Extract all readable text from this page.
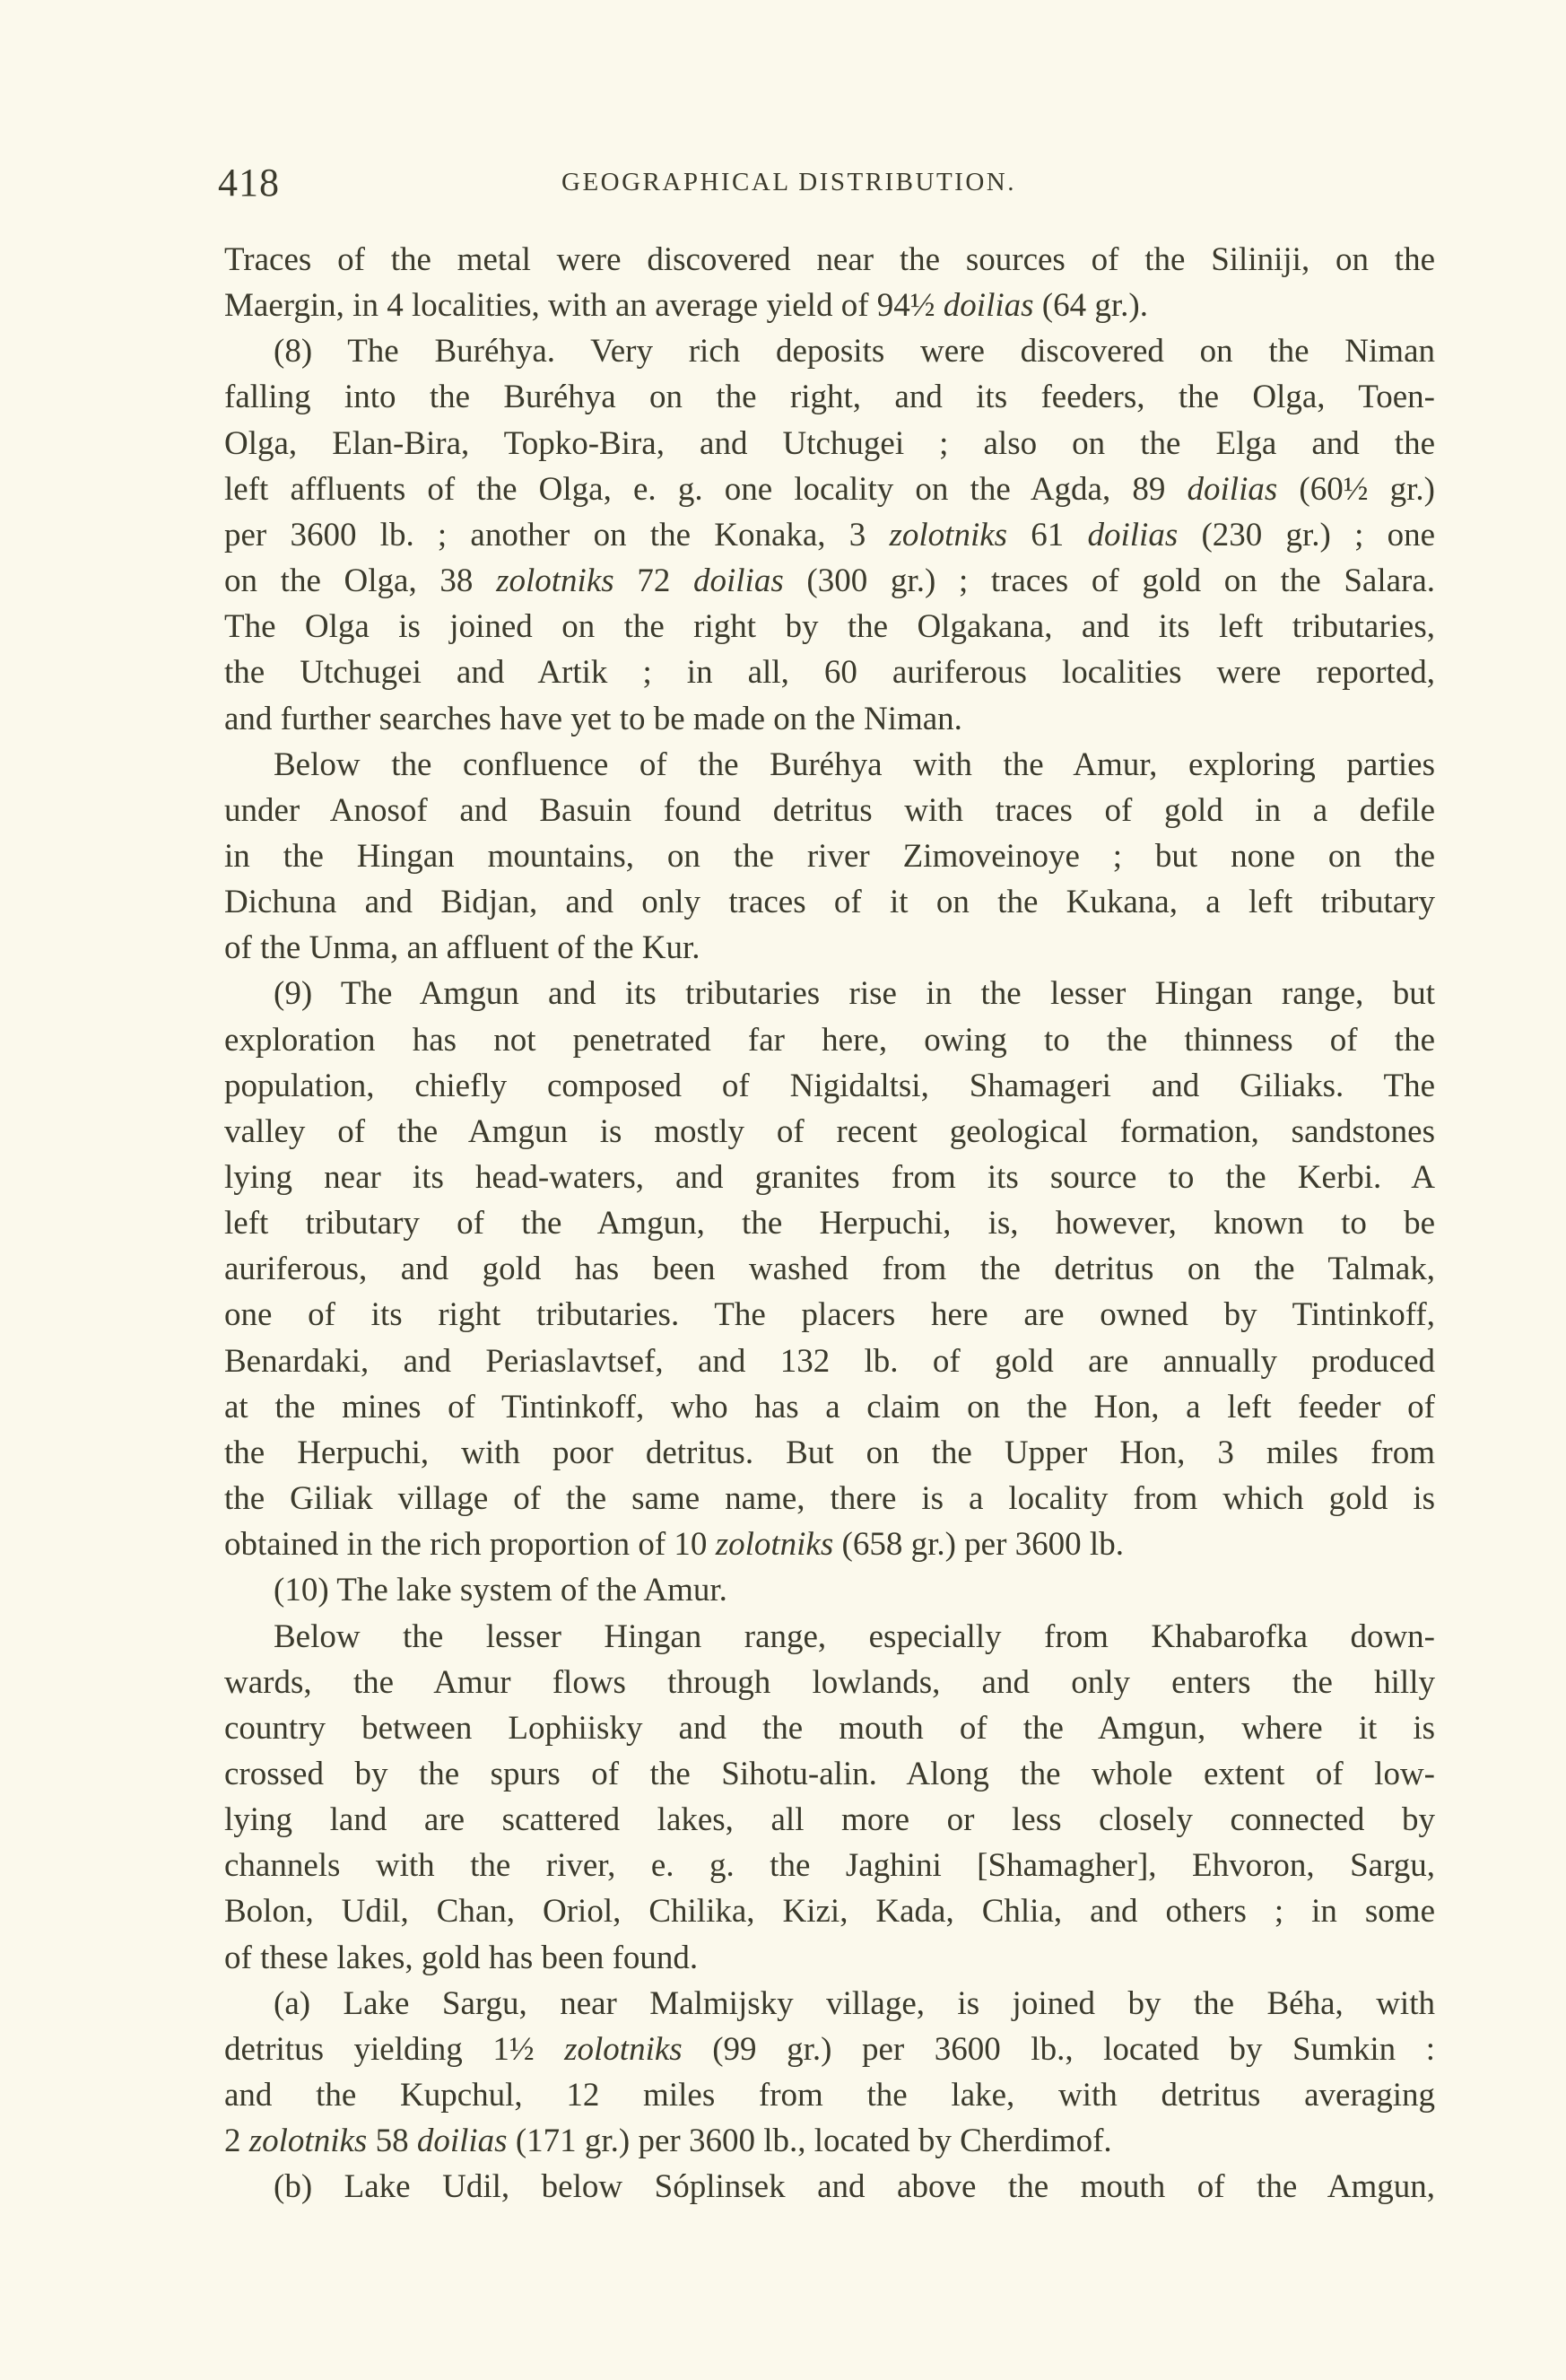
418	GEOGRAPHICAL DISTRIBUTION.
Traces of the metal were discovered near the sources of the Siliniji, on the
Maergin, in 4 localities, with an average yield of 94½ doilias (64 gr.).
(8) The Buréhya. Very rich deposits were discovered on the Niman
falling into the Buréhya on the right, and its feeders, the Olga, Toen-
Olga, Elan-Bira, Topko-Bira, and Utchugei ; also on the Elga and the
left affluents of the Olga, e. g. one locality on the Agda, 89 doilias (60½ gr.)
per 3600 lb. ; another on the Konaka, 3 zolotniks 61 doilias (230 gr.) ; one
on the Olga, 38 zolotniks 72 doilias (300 gr.) ; traces of gold on the Salara.
The Olga is joined on the right by the Olgakana, and its left tributaries,
the Utchugei and Artik ; in all, 60 auriferous localities were reported,
and further searches have yet to be made on the Niman.
Below the confluence of the Buréhya with the Amur, exploring parties
under Anosof and Basuin found detritus with traces of gold in a defile
in the Hingan mountains, on the river Zimoveinoye ; but none on the
Dichuna and Bidjan, and only traces of it on the Kukana, a left tributary
of the Unma, an affluent of the Kur.
(9) The Amgun and its tributaries rise in the lesser Hingan range, but
exploration has not penetrated far here, owing to the thinness of the
population, chiefly composed of Nigidaltsi, Shamageri and Giliaks. The
valley of the Amgun is mostly of recent geological formation, sandstones
lying near its head-waters, and granites from its source to the Kerbi. A
left tributary of the Amgun, the Herpuchi, is, however, known to be
auriferous, and gold has been washed from the detritus on the Talmak,
one of its right tributaries. The placers here are owned by Tintinkoff,
Benardaki, and Periaslavtsef, and 132 lb. of gold are annually produced
at the mines of Tintinkoff, who has a claim on the Hon, a left feeder of
the Herpuchi, with poor detritus. But on the Upper Hon, 3 miles from
the Giliak village of the same name, there is a locality from which gold is
obtained in the rich proportion of 10 zolotniks (658 gr.) per 3600 lb.
(10) The lake system of the Amur.
Below the lesser Hingan range, especially from Khabarofka down-
wards, the Amur flows through lowlands, and only enters the hilly
country between Lophiisky and the mouth of the Amgun, where it is
crossed by the spurs of the Sihotu-alin. Along the whole extent of low-
lying land are scattered lakes, all more or less closely connected by
channels with the river, e. g. the Jaghini [Shamagher], Ehvoron, Sargu,
Bolon, Udil, Chan, Oriol, Chilika, Kizi, Kada, Chlia, and others ; in some
of these lakes, gold has been found.
(a) Lake Sargu, near Malmijsky village, is joined by the Béha, with
detritus yielding 1½ zolotniks (99 gr.) per 3600 lb., located by Sumkin :
and the Kupchul, 12 miles from the lake, with detritus averaging
2 zolotniks 58 doilias (171 gr.) per 3600 lb., located by Cherdimof.
(b) Lake Udil, below Sóplinsek and above the mouth of the Amgun,
